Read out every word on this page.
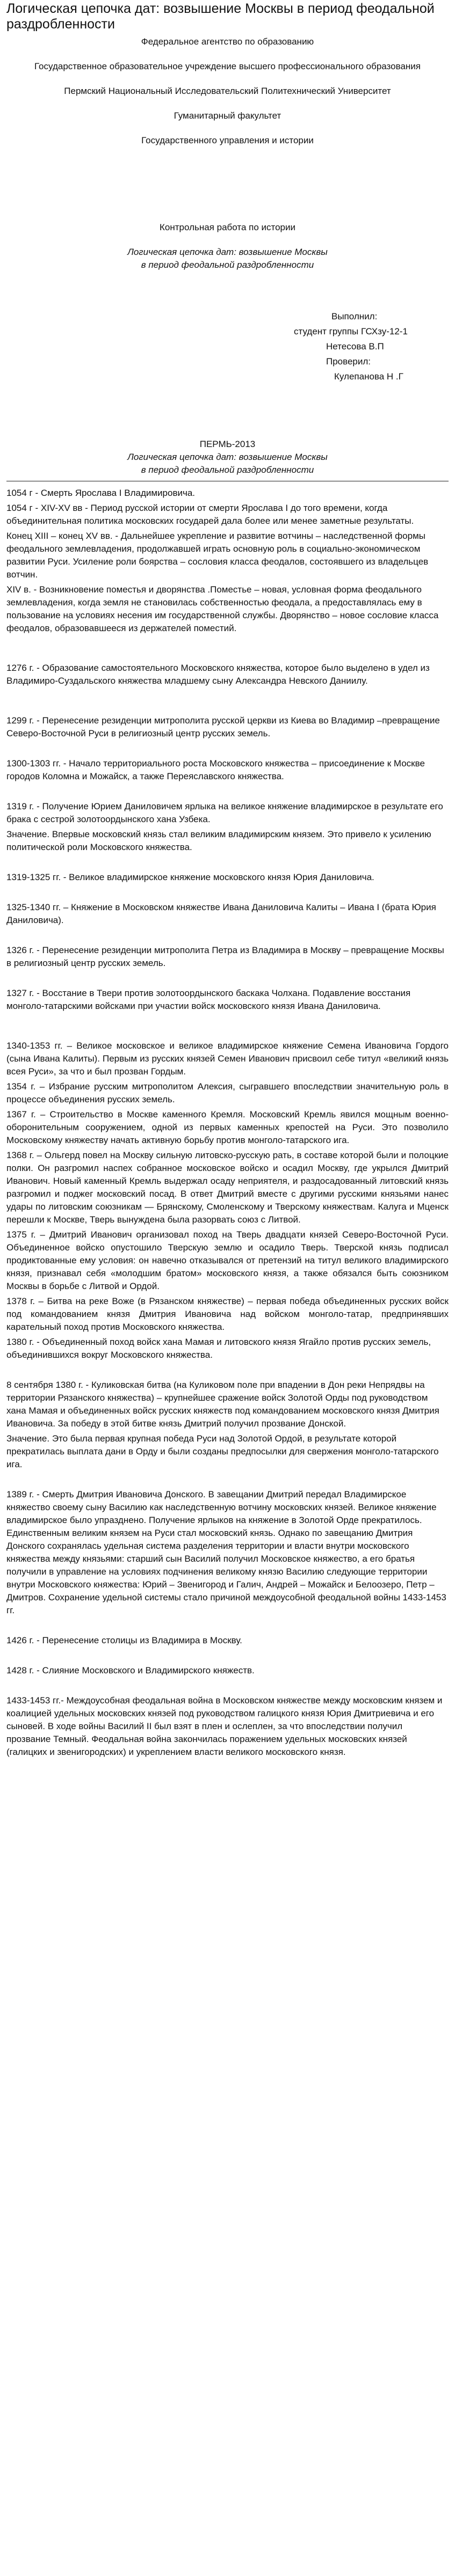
Логическая цепочка дат: возвышение Москвы в период феодальной раздробленности

Федеральное агентство по образованию

Государственное образовательное учреждение высшего профессионального образования

Пермский Национальный Исследовательский Политехнический Университет

Гуманитарный факультет

Государственного управления и истории

Контрольная работа по истории

Логическая цепочка дат: возвышение Москвы

в период феодальной раздробленности

Выполнил:
студент группы ГСХзу-12-1
Нетесова В.П
Проверил:
Кулепанова Н .Г

ПЕРМЬ-2013

Логическая цепочка дат: возвышение Москвы

в период феодальной раздробленности

1054 г - Смерть Ярослава I Владимировича.

1054 г - XIV-XV вв - Период русской истории от смерти Ярослава I до того времени, когда объединительная политика московских государей дала более или менее заметные результаты.

Конец XIII – конец XV вв. - Дальнейшее укрепление и развитие вотчины – наследственной формы феодального землевладения, продолжавшей играть основную роль в социально-экономическом развитии Руси. Усиление роли боярства – сословия класса феодалов, состоявшего из владельцев вотчин.

XIV в. - Возникновение поместья и дворянства .Поместье – новая, условная форма феодального землевладения, когда земля не становилась собственностью феодала, а предоставлялась ему в пользование на условиях несения им государственной службы. Дворянство – новое сословие класса феодалов, образовавшееся из держателей поместий.

1276 г. - Образование самостоятельного Московского княжества, которое было выделено в удел из Владимиро-Суздальского княжества младшему сыну Александра Невского Даниилу.

1299 г. - Перенесение резиденции митрополита русской церкви из Киева во Владимир –превращение Северо-Восточной Руси в религиозный центр русских земель.

1300-1303 гг. - Начало территориального роста Московского княжества – присоединение к Москве городов Коломна и Можайск, а также Переяславского княжества.

1319 г. - Получение Юрием Даниловичем ярлыка на великое княжение владимирское в результате его брака с сестрой золотоордынского хана Узбека.

Значение. Впервые московский князь стал великим владимирским князем. Это привело к усилению политической роли Московского княжества.

1319-1325 гг. - Великое владимирское княжение московского князя Юрия Даниловича.

1325-1340 гг. – Княжение в Московском княжестве Ивана Даниловича Калиты – Ивана I (брата Юрия Даниловича).

1326 г. - Перенесение резиденции митрополита Петра из Владимира в Москву – превращение Москвы в религиозный центр русских земель.

1327 г. - Восстание в Твери против золотоордынского баскака Чолхана. Подавление восстания монголо-татарскими войсками при участии войск московского князя Ивана Даниловича.

1340-1353 гг. – Великое московское и великое владимирское княжение Семена Ивановича Гордого (сына Ивана Калиты). Первым из русских князей Семен Иванович присвоил себе титул «великий князь всея Руси», за что и был прозван Гордым.

1354 г. – Избрание русским митрополитом Алексия, сыгравшего впоследствии значительную роль в процессе объединения русских земель.

1367 г. – Строительство в Москве каменного Кремля. Московский Кремль явился мощным военно-оборонительным сооружением, одной из первых каменных крепостей на Руси. Это позволило Московскому княжеству начать активную борьбу против монголо-татарского ига.

1368 г. – Ольгерд повел на Москву сильную литовско-русскую рать, в составе которой были и полоцкие полки. Он разгромил наспех собранное московское войско и осадил Москву, где укрылся Дмитрий Иванович. Новый каменный Кремль выдержал осаду неприятеля, и раздосадованный литовский князь разгромил и поджег московский посад. В ответ Дмитрий вместе с другими русскими князьями нанес удары по литовским союзникам — Брянскому, Смоленскому и Тверскому княжествам. Калуга и Мценск перешли к Москве, Тверь вынуждена была разорвать союз с Литвой.

1375 г. – Дмитрий Иванович организовал поход на Тверь двадцати князей Северо-Восточной Руси. Объединенное войско опустошило Тверскую землю и осадило Тверь. Тверской князь подписал продиктованные ему условия: он навечно отказывался от претензий на титул великого владимирского князя, признавал себя «молодшим братом» московского князя, а также обязался быть союзником Москвы в борьбе с Литвой и Ордой.

1378 г. – Битва на реке Воже (в Рязанском княжестве) – первая победа объединенных русских войск под командованием князя Дмитрия Ивановича над войском монголо-татар, предпринявших карательный поход против Московского княжества.

1380 г. - Объединенный поход войск хана Мамая и литовского князя Ягайло против русских земель, объединившихся вокруг Московского княжества.

8 сентября 1380 г. - Куликовская битва (на Куликовом поле при впадении в Дон реки Непрядвы на территории Рязанского княжества) – крупнейшее сражение войск Золотой Орды под руководством хана Мамая и объединенных войск русских княжеств под командованием московского князя Дмитрия Ивановича. За победу в этой битве князь Дмитрий получил прозвание Донской.

Значение. Это была первая крупная победа Руси над Золотой Ордой, в результате которой прекратилась выплата дани в Орду и были созданы предпосылки для свержения монголо-татарского ига.

1389 г. - Смерть Дмитрия Ивановича Донского. В завещании Дмитрий передал Владимирское княжество своему сыну Василию как наследственную вотчину московских князей. Великое княжение владимирское было упразднено. Получение ярлыков на княжение в Золотой Орде прекратилось. Единственным великим князем на Руси стал московский князь. Однако по завещанию Дмитрия Донского сохранялась удельная система разделения территории и власти внутри московского княжества между князьями: старший сын Василий получил Московское княжество, а его братья получили в управление на условиях подчинения великому князю Василию следующие территории внутри Московского княжества: Юрий – Звенигород и Галич, Андрей – Можайск и Белоозеро, Петр – Дмитров. Сохранение удельной системы стало причиной междоусобной феодальной войны 1433-1453 гг.

1426 г. - Перенесение столицы из Владимира в Москву.

1428 г. - Слияние Московского и Владимирского княжеств.

1433-1453 гг.- Междоусобная феодальная война в Московском княжестве между московским князем и коалицией удельных московских князей под руководством галицкого князя Юрия Дмитриевича и его сыновей. В ходе войны Василий II был взят в плен и ослеплен, за что впоследствии получил прозвание Темный. Феодальная война закончилась поражением удельных московских князей (галицких и звенигородских) и укреплением власти великого московского князя.
